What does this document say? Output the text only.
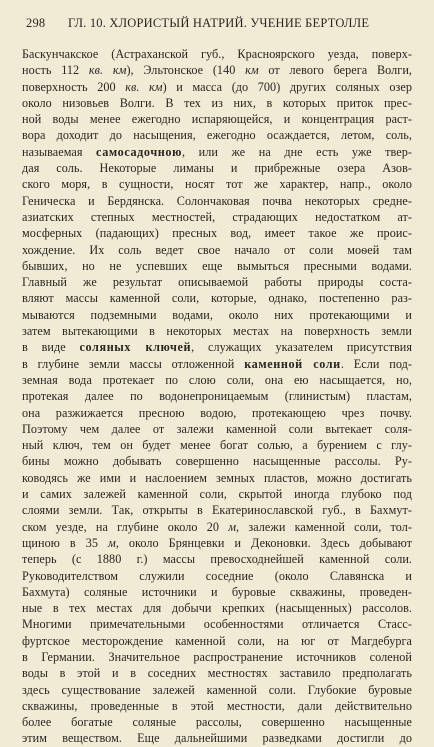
298 ГЛ. 10. ХЛОРИСТЫЙ НАТРИЙ. УЧЕНИЕ БЕРТОЛЛЕ
Баскунчакское (Астраханской губ., Красноярского уезда, поверх-
ность 112 кв. км), Эльтонское (140 км от левого берега Волги,
поверхность 200 кв. км) и масса (до 700) других соляных озер
около низовьев Волги. В тех из них, в которых приток прес-
ной воды менее ежегодно испаряющейся, и концентрация раст-
вора доходит до насыщения, ежегодно осаждается, летом, соль,
называемая самосадочною, или же на дне есть уже твер-
дая соль. Некоторые лиманы и прибрежные озера Азов-
ского моря, в сущности, носят тот же характер, напр., около
Геническа и Бердянска. Солончаковая почва некоторых средне-
азиатских степных местностей, страдающих недостатком ат-
мосферных (падающих) пресных вод, имеет такое же проис-
хождение. Их соль ведет свое начало от соли моѳей там
бывших, но не успевших еще вымыться пресными водами.
Главный же результат описываемой работы природы соста-
вляют массы каменной соли, которые, однако, постепенно раз-
мываются подземными водами, около них протекающими и
затем вытекающими в некоторых местах на поверхность земли
в виде соляных ключей, служащих указателем присутствия
в глубине земли массы отложенной каменной соли. Если под-
земная вода протекает по слою соли, она ею насыщается, но,
протекая далее по водонепроницаемым (глинистым) пластам,
она разжижается пресною водою, протекающею чрез почву.
Поэтому чем далее от залежи каменной соли вытекает соля-
ный ключ, тем он будет менее богат солью, а бурением с глу-
бины можно добывать совершенно насыщенные рассолы. Ру-
ководясь же ими и наслоением земных пластов, можно достигать
и самих залежей каменной соли, скрытой иногда глубоко под
слоями земли. Так, открыты в Екатеринославской губ., в Бахмут-
ском уезде, на глубине около 20 м, залежи каменной соли, тол-
щиною в 35 м, около Брянцевки и Деконовки. Здесь добывают
теперь (с 1880 г.) массы превосходнейшей каменной соли.
Руководителством служили соседние (около Славянска и
Бахмута) соляные источники и буровые скважины, проведен-
ные в тех местах для добычи крепких (насыщенных) рассолов.
Многими примечательными особенностями отличается Стасс-
фуртское месторождение каменной соли, на юг от Магдебурга
в Германии. Значительное распространение источников соленой
воды в этой и в соседних местностях заставило предполагать
здесь существование залежей каменной соли. Глубокие буровые
скважины, проведенные в этой местности, дали действительно
более богатые соляные рассолы, совершенно насыщенные
этим веществом. Еще дальнейшими разведками достигли до
